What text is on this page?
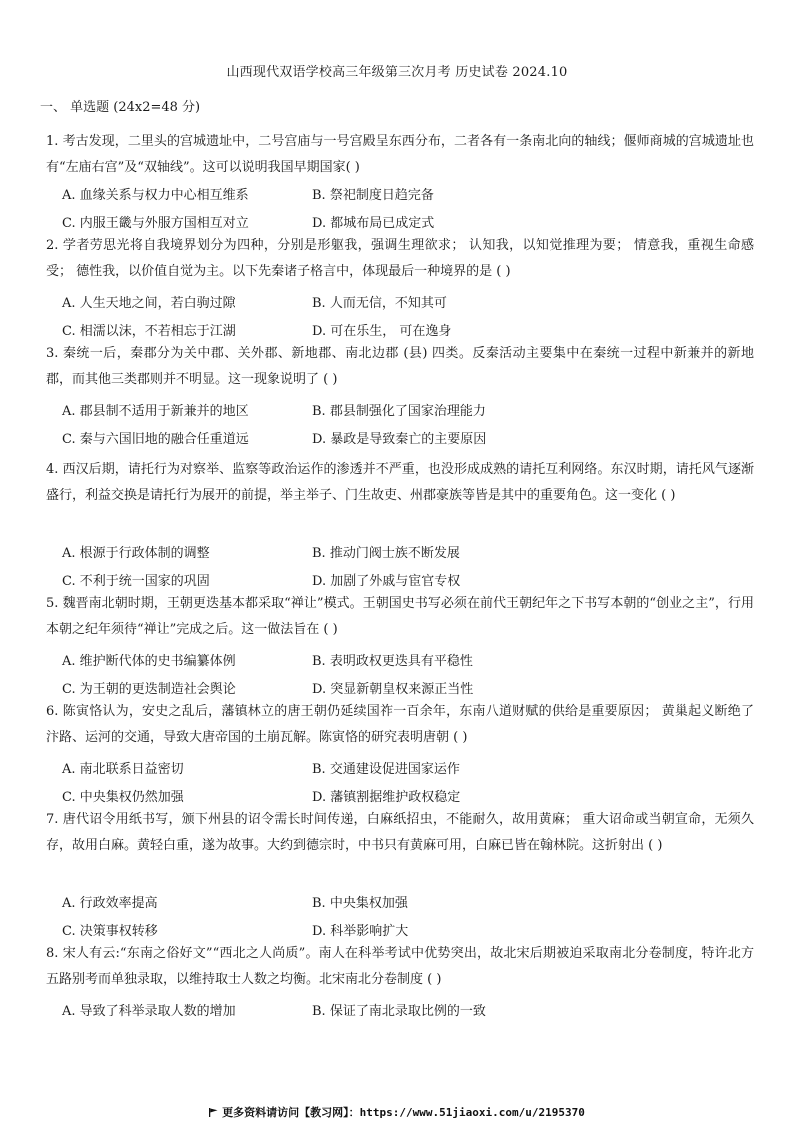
山西现代双语学校高三年级第三次月考 历史试卷 2024.10
一、 单选题 (24x2=48 分)
1. 考古发现，二里头的宫城遗址中，二号宫庙与一号宫殿呈东西分布，二者各有一条南北向的轴线；偃师商城的宫城遗址也有“左庙右宫”及“双轴线”。这可以说明我国早期国家( )
A. 血缘关系与权力中心相互维系	B. 祭祀制度日趋完备
C. 内服王畿与外服方国相互对立	D. 都城布局已成定式
2. 学者劳思光将自我境界划分为四种，分别是形躯我，强调生理欲求； 认知我，以知觉推理为要； 情意我，重视生命感受； 德性我，以价值自觉为主。以下先秦诸子格言中，体现最后一种境界的是 ( )
A. 人生天地之间，若白驹过隙	B. 人而无信，不知其可
C. 相濡以沫，不若相忘于江湖	D. 可在乐生， 可在逸身
3. 秦统一后，秦郡分为关中郡、关外郡、新地郡、南北边郡 (县) 四类。反秦活动主要集中在秦统一过程中新兼并的新地郡，而其他三类郡则并不明显。这一现象说明了 ( )
A. 郡县制不适用于新兼并的地区	B. 郡县制强化了国家治理能力
C. 秦与六国旧地的融合任重道远	D. 暴政是导致秦亡的主要原因
4. 西汉后期，请托行为对察举、监察等政治运作的渗透并不严重，也没形成成熟的请托互利网络。东汉时期，请托风气逐渐盛行，利益交换是请托行为展开的前提，举主举子、门生故吏、州郡豪族等皆是其中的重要角色。这一变化 ( )
A. 根源于行政体制的调整	B. 推动门阀士族不断发展
C. 不利于统一国家的巩固	D. 加剧了外戚与宦官专权
5. 魏晋南北朝时期，王朝更迭基本都采取“禅让”模式。王朝国史书写必须在前代王朝纪年之下书写本朝的“创业之主”，行用本朝之纪年须待“禅让”完成之后。这一做法旨在 ( )
A. 维护断代体的史书编纂体例	B. 表明政权更迭具有平稳性
C. 为王朝的更迭制造社会舆论	D. 突显新朝皇权来源正当性
6. 陈寅恪认为，安史之乱后，藩镇林立的唐王朝仍延续国祚一百余年，东南八道财赋的供给是重要原因； 黄巢起义断绝了汴路、运河的交通，导致大唐帝国的土崩瓦解。陈寅恪的研究表明唐朝 ( )
A. 南北联系日益密切	B. 交通建设促进国家运作
C. 中央集权仍然加强	D. 藩镇割据维护政权稳定
7. 唐代诏令用纸书写，颁下州县的诏令需长时间传递，白麻纸招虫，不能耐久，故用黄麻； 重大诏命或当朝宣命，无须久存，故用白麻。黄轻白重，遂为故事。大约到德宗时，中书只有黄麻可用，白麻已皆在翰林院。这折射出 ( )
A. 行政效率提高	B. 中央集权加强
C. 决策事权转移	D. 科举影响扩大
8. 宋人有云:“东南之俗好文”“西北之人尚质”。南人在科举考试中优势突出，故北宋后期被迫采取南北分卷制度，特许北方五路别考而单独录取，以维持取士人数之均衡。北宋南北分卷制度 ( )
A. 导致了科举录取人数的增加	B. 保证了南北录取比例的一致
更多资料请访问【教习网】：https://www.51jiaoxi.com/u/2195370
